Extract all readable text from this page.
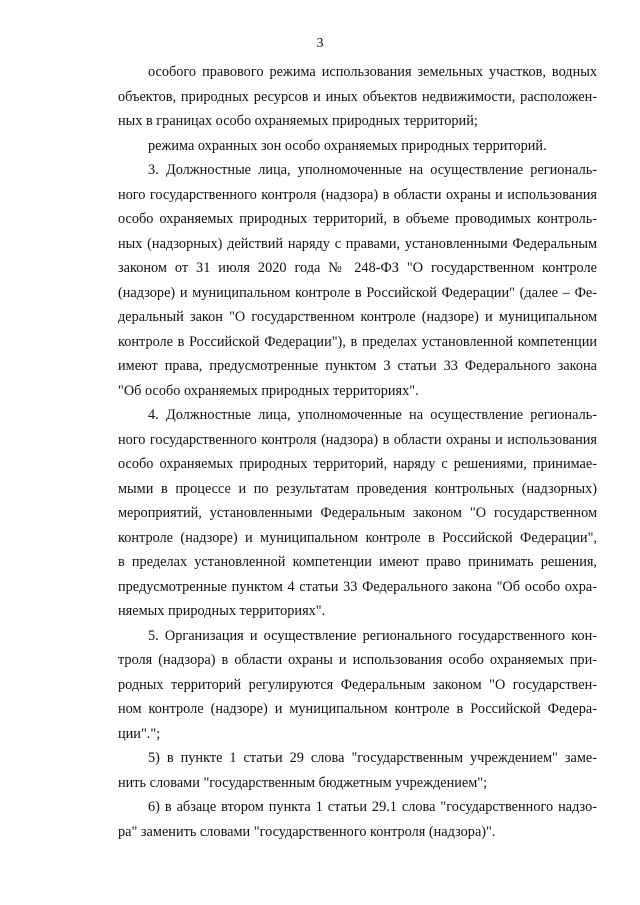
3
особого правового режима использования земельных участков, водных
объектов, природных ресурсов и иных объектов недвижимости, расположен-
ных в границах особо охраняемых природных территорий;
режима охранных зон особо охраняемых природных территорий.
3. Должностные лица, уполномоченные на осуществление региональ-
ного государственного контроля (надзора) в области охраны и использования
особо охраняемых природных территорий, в объеме проводимых контроль-
ных (надзорных) действий наряду с правами, установленными Федеральным
законом от 31 июля 2020 года № 248-ФЗ "О государственном контроле
(надзоре) и муниципальном контроле в Российской Федерации" (далее – Фе-
деральный закон "О государственном контроле (надзоре) и муниципальном
контроле в Российской Федерации"), в пределах установленной компетенции
имеют права, предусмотренные пунктом 3 статьи 33 Федерального закона
"Об особо охраняемых природных территориях".
4. Должностные лица, уполномоченные на осуществление региональ-
ного государственного контроля (надзора) в области охраны и использования
особо охраняемых природных территорий, наряду с решениями, принимае-
мыми в процессе и по результатам проведения контрольных (надзорных)
мероприятий, установленными Федеральным законом "О государственном
контроле (надзоре) и муниципальном контроле в Российской Федерации",
в пределах установленной компетенции имеют право принимать решения,
предусмотренные пунктом 4 статьи 33 Федерального закона "Об особо охра-
няемых природных территориях".
5. Организация и осуществление регионального государственного кон-
троля (надзора) в области охраны и использования особо охраняемых при-
родных территорий регулируются Федеральным законом "О государствен-
ном контроле (надзоре) и муниципальном контроле в Российской Федера-
ции".";
5) в пункте 1 статьи 29 слова "государственным учреждением" заме-
нить словами "государственным бюджетным учреждением";
6) в абзаце втором пункта 1 статьи 29.1 слова "государственного надзо-
ра" заменить словами "государственного контроля (надзора)".
